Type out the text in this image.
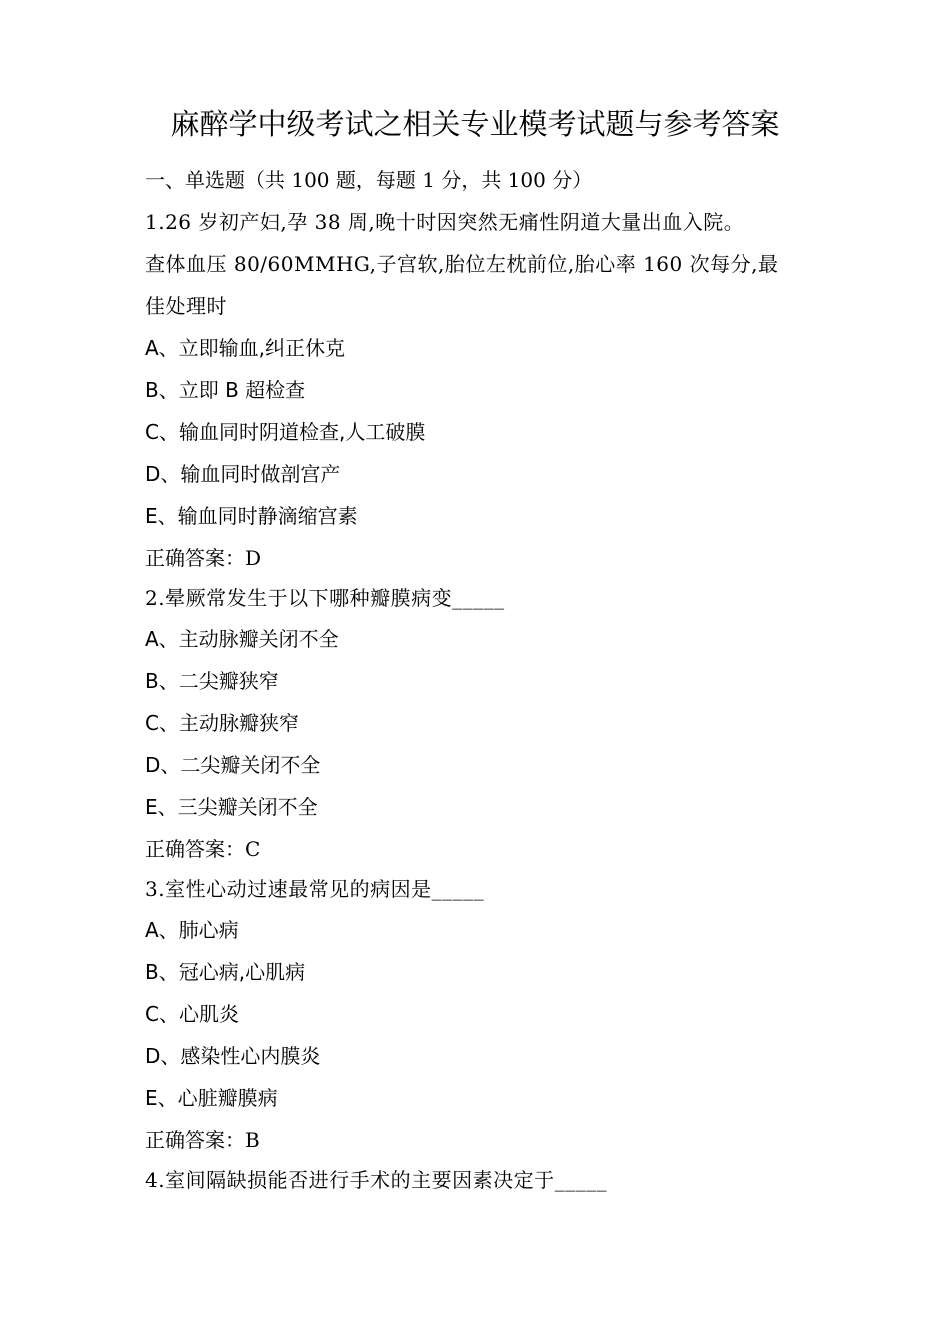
麻醉学中级考试之相关专业模考试题与参考答案
一、单选题（共 100 题，每题 1 分，共 100 分）
1.26 岁初产妇,孕 38 周,晚十时因突然无痛性阴道大量出血入院。
查体血压 80/60MMHG,子宫软,胎位左枕前位,胎心率 160 次每分,最
佳处理时
A、立即输血,纠正休克
B、立即 B 超检查
C、输血同时阴道检查,人工破膜
D、输血同时做剖宫产
E、输血同时静滴缩宫素
正确答案：D
2.晕厥常发生于以下哪种瓣膜病变_____
A、主动脉瓣关闭不全
B、二尖瓣狭窄
C、主动脉瓣狭窄
D、二尖瓣关闭不全
E、三尖瓣关闭不全
正确答案：C
3.室性心动过速最常见的病因是_____
A、肺心病
B、冠心病,心肌病
C、心肌炎
D、感染性心内膜炎
E、心脏瓣膜病
正确答案：B
4.室间隔缺损能否进行手术的主要因素决定于_____
